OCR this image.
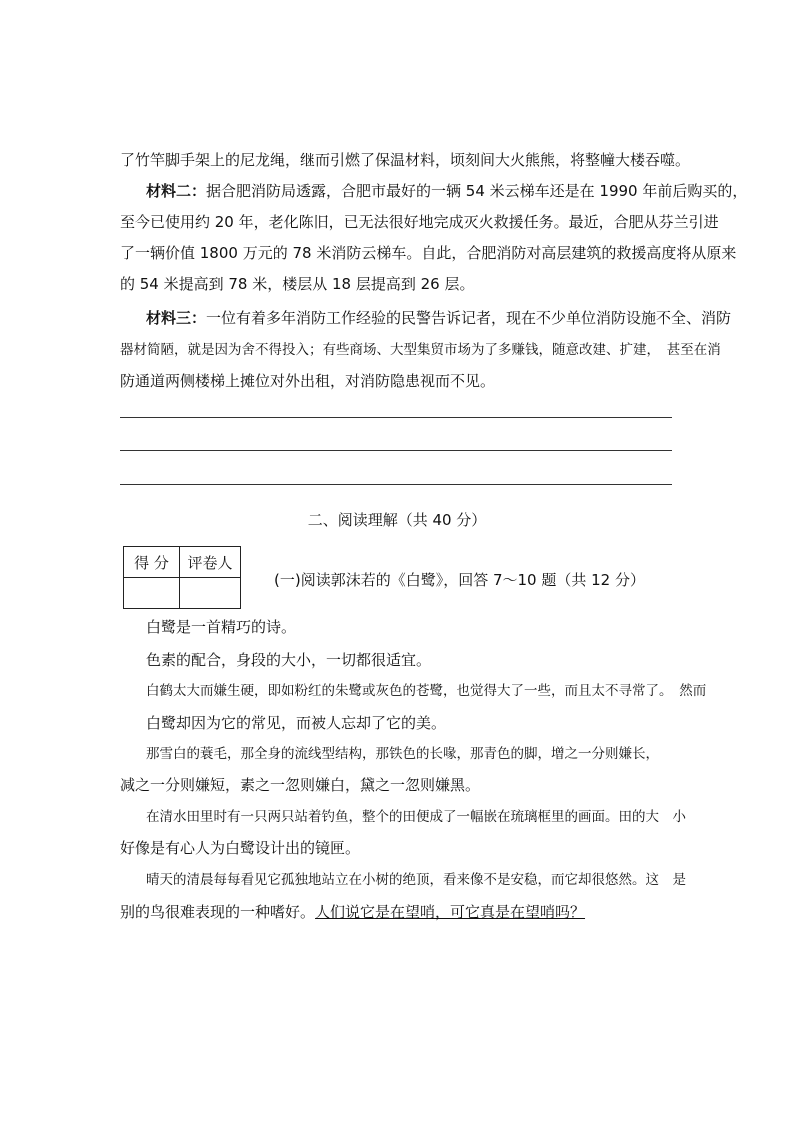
了竹竿脚手架上的尼龙绳，继而引燃了保温材料，顷刻间大火熊熊，将整幢大楼吞噬。
材料二：据合肥消防局透露，合肥市最好的一辆 54 米云梯车还是在 1990 年前后购买的，
至今已使用约 20 年，老化陈旧，已无法很好地完成灭火救援任务。最近，合肥从芬兰引进
了一辆价值 1800 万元的 78 米消防云梯车。自此，合肥消防对高层建筑的救援高度将从原来
的 54 米提高到 78 米，楼层从 18 层提高到 26 层。
材料三：一位有着多年消防工作经验的民警告诉记者，现在不少单位消防设施不全、消防
器材简陋，就是因为舍不得投入；有些商场、大型集贸市场为了多赚钱，随意改建、扩建，　甚至在消
防通道两侧楼梯上摊位对外出租，对消防隐患视而不见。
二、阅读理解（共 40 分）
得 分	评卷人

(一)阅读郭沫若的《白鹭》，回答 7～10 题（共 12 分）
白鹭是一首精巧的诗。
色素的配合，身段的大小，一切都很适宜。
白鹤太大而嫌生硬，即如粉红的朱鹭或灰色的苍鹭，也觉得大了一些，而且太不寻常了。　然而
白鹭却因为它的常见，而被人忘却了它的美。
那雪白的蓑毛，那全身的流线型结构，那铁色的长喙，那青色的脚，增之一分则嫌长，
减之一分则嫌短，素之一忽则嫌白，黛之一忽则嫌黑。
在清水田里时有一只两只站着钓鱼，整个的田便成了一幅嵌在琉璃框里的画面。田的大　小
好像是有心人为白鹭设计出的镜匣。
晴天的清晨每每看见它孤独地站立在小树的绝顶，看来像不是安稳，而它却很悠然。这　是
别的鸟很难表现的一种嗜好。人们说它是在望哨，可它真是在望哨吗？
